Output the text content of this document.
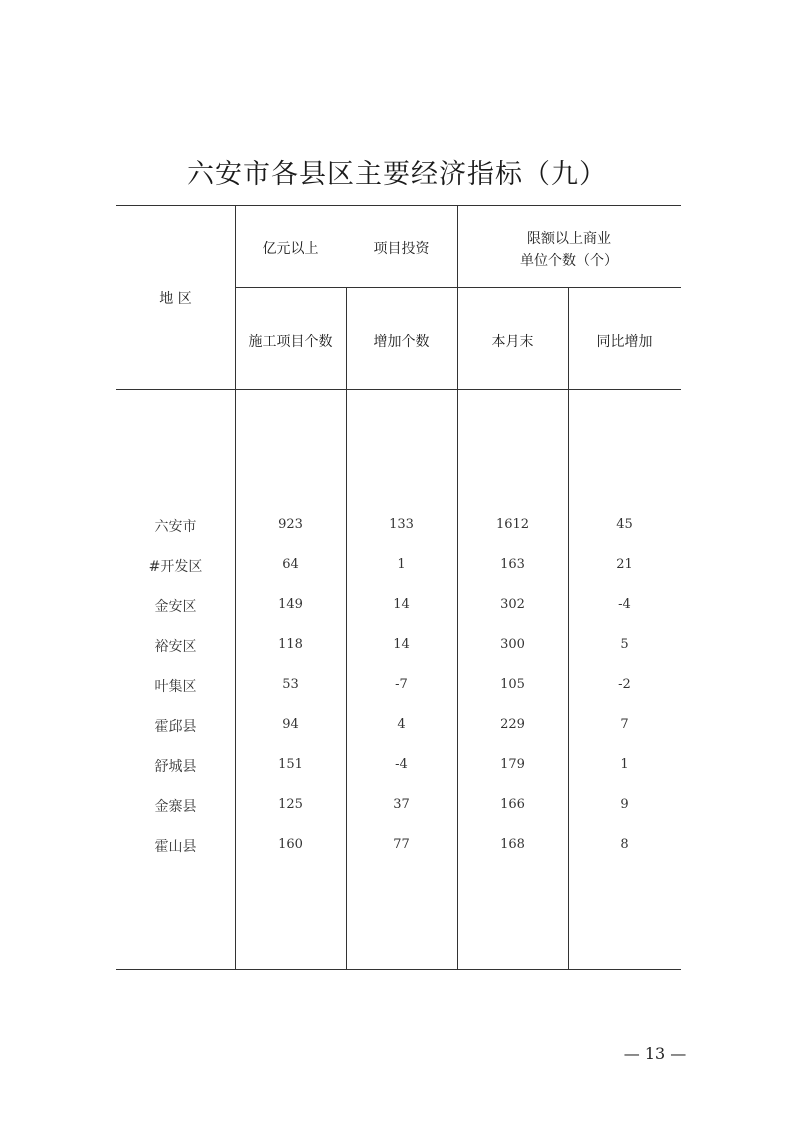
六安市各县区主要经济指标（九）
地 区
亿元以上	项目投资
限额以上商业
单位个数（个）
施工项目个数	增加个数	本月末	同比增加
六安市	923	133	1612	45
#开发区	64	1	163	21
金安区	149	14	302	-4
裕安区	118	14	300	5
叶集区	53	-7	105	-2
霍邱县	94	4	229	7
舒城县	151	-4	179	1
金寨县	125	37	166	9
霍山县	160	77	168	8
— 13 —
